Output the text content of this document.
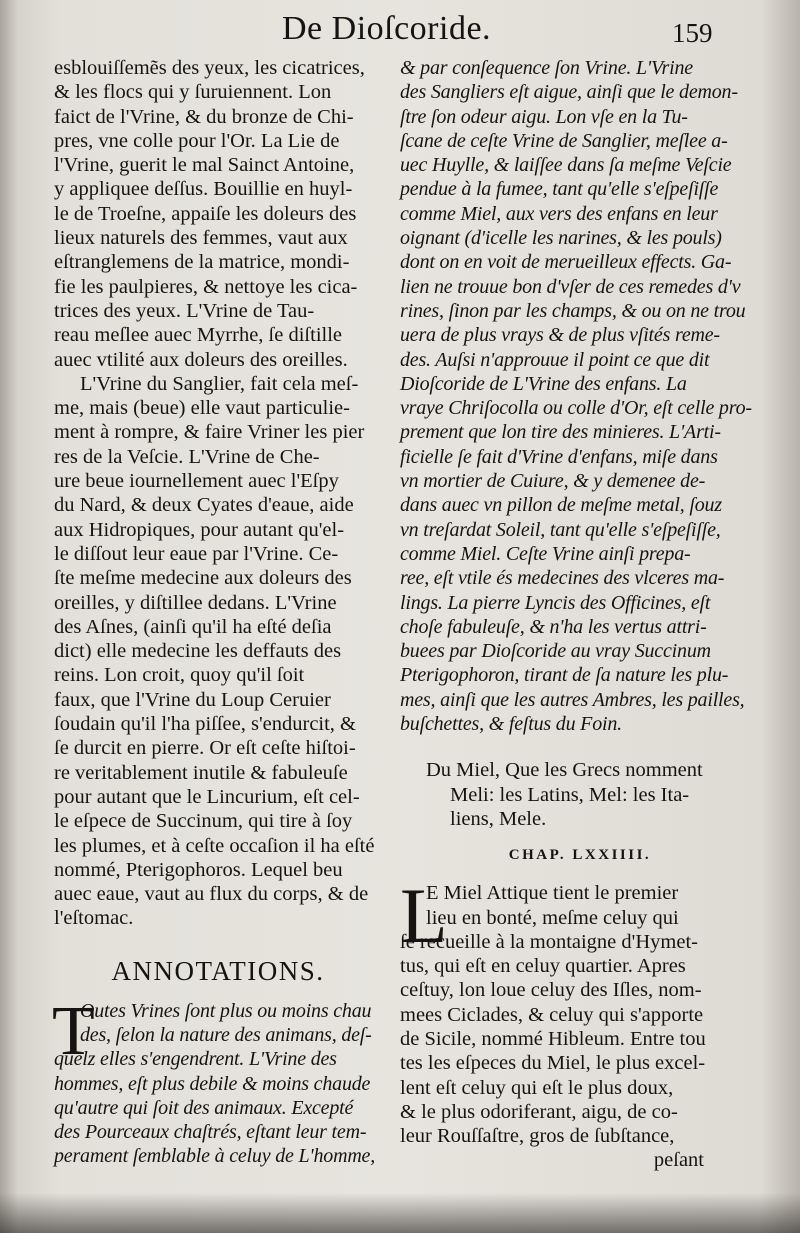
De Dioſcoride.	159
esblouiſſemẽs des yeux, les cicatrices,
& les flocs qui y ſuruiennent. Lon
faict de l'Vrine, & du bronze de Chi-
pres, vne colle pour l'Or. La Lie de
l'Vrine, guerit le mal Sainct Antoine,
y appliquee deſſus. Bouillie en huyl-
le de Troeſne, appaiſe les doleurs des
lieux naturels des femmes, vaut aux
eſtranglemens de la matrice, mondi-
fie les paulpieres, & nettoye les cica-
trices des yeux. L'Vrine de Tau-
reau meſlee auec Myrrhe, ſe diſtille
auec vtilité aux doleurs des oreilles.
L'Vrine du Sanglier, fait cela meſ-
me, mais (beue) elle vaut particulie-
ment à rompre, & faire Vriner les pier
res de la Veſcie. L'Vrine de Che-
ure beue iournellement auec l'Eſpy
du Nard, & deux Cyates d'eaue, aide
aux Hidropiques, pour autant qu'el-
le diſſout leur eaue par l'Vrine. Ce-
ſte meſme medecine aux doleurs des
oreilles, y diſtillee dedans. L'Vrine
des Aſnes, (ainſi qu'il ha eſté deſia
dict) elle medecine les deffauts des
reins. Lon croit, quoy qu'il ſoit
faux, que l'Vrine du Loup Ceruier
ſoudain qu'il l'ha piſſee, s'endurcit, &
ſe durcit en pierre. Or eſt ceſte hiſtoi-
re veritablement inutile & fabuleuſe
pour autant que le Lincurium, eſt cel-
le eſpece de Succinum, qui tire à ſoy
les plumes, et à ceſte occaſion il ha eſté
nommé, Pterigophoros. Lequel beu
auec eaue, vaut au flux du corps, & de
l'eſtomac.
ANNOTATIONS.
T
Outes Vrines ſont plus ou moins chau
des, ſelon la nature des animans, deſ-
quelz elles s'engendrent. L'Vrine des
hommes, eſt plus debile & moins chaude
qu'autre qui ſoit des animaux. Excepté
des Pourceaux chaſtrés, eſtant leur tem-
perament ſemblable à celuy de L'homme,
& par conſequence ſon Vrine. L'Vrine
des Sangliers eſt aigue, ainſi que le demon-
ſtre ſon odeur aigu. Lon vſe en la Tu-
ſcane de ceſte Vrine de Sanglier, meſlee a-
uec Huylle, & laiſſee dans ſa meſme Veſcie
pendue à la fumee, tant qu'elle s'eſpeſiſſe
comme Miel, aux vers des enfans en leur
oignant (d'icelle les narines, & les pouls)
dont on en voit de merueilleux effects. Ga-
lien ne trouue bon d'vſer de ces remedes d'v
rines, ſinon par les champs, & ou on ne trou
uera de plus vrays & de plus vſités reme-
des. Auſsi n'approuue il point ce que dit
Dioſcoride de L'Vrine des enfans. La
vraye Chriſocolla ou colle d'Or, eſt celle pro-
prement que lon tire des minieres. L'Arti-
ficielle ſe fait d'Vrine d'enfans, miſe dans
vn mortier de Cuiure, & y demenee de-
dans auec vn pillon de meſme metal, ſouz
vn treſardat Soleil, tant qu'elle s'eſpeſiſſe,
comme Miel. Ceſte Vrine ainſi prepa-
ree, eſt vtile és medecines des vlceres ma-
lings. La pierre Lyncis des Officines, eſt
choſe fabuleuſe, & n'ha les vertus attri-
buees par Dioſcoride au vray Succinum
Pterigophoron, tirant de ſa nature les plu-
mes, ainſi que les autres Ambres, les pailles,
buſchettes, & feſtus du Foin.
Du Miel, Que les Grecs nomment
Meli: les Latins, Mel: les Ita-
liens, Mele.
CHAP. LXXIIII.
L
E Miel Attique tient le premier
lieu en bonté, meſme celuy qui
ſe recueille à la montaigne d'Hymet-
tus, qui eſt en celuy quartier. Apres
ceſtuy, lon loue celuy des Iſles, nom-
mees Ciclades, & celuy qui s'apporte
de Sicile, nommé Hibleum. Entre tou
tes les eſpeces du Miel, le plus excel-
lent eſt celuy qui eſt le plus doux,
& le plus odoriferant, aigu, de co-
leur Rouſſaſtre, gros de ſubſtance,
peſant
